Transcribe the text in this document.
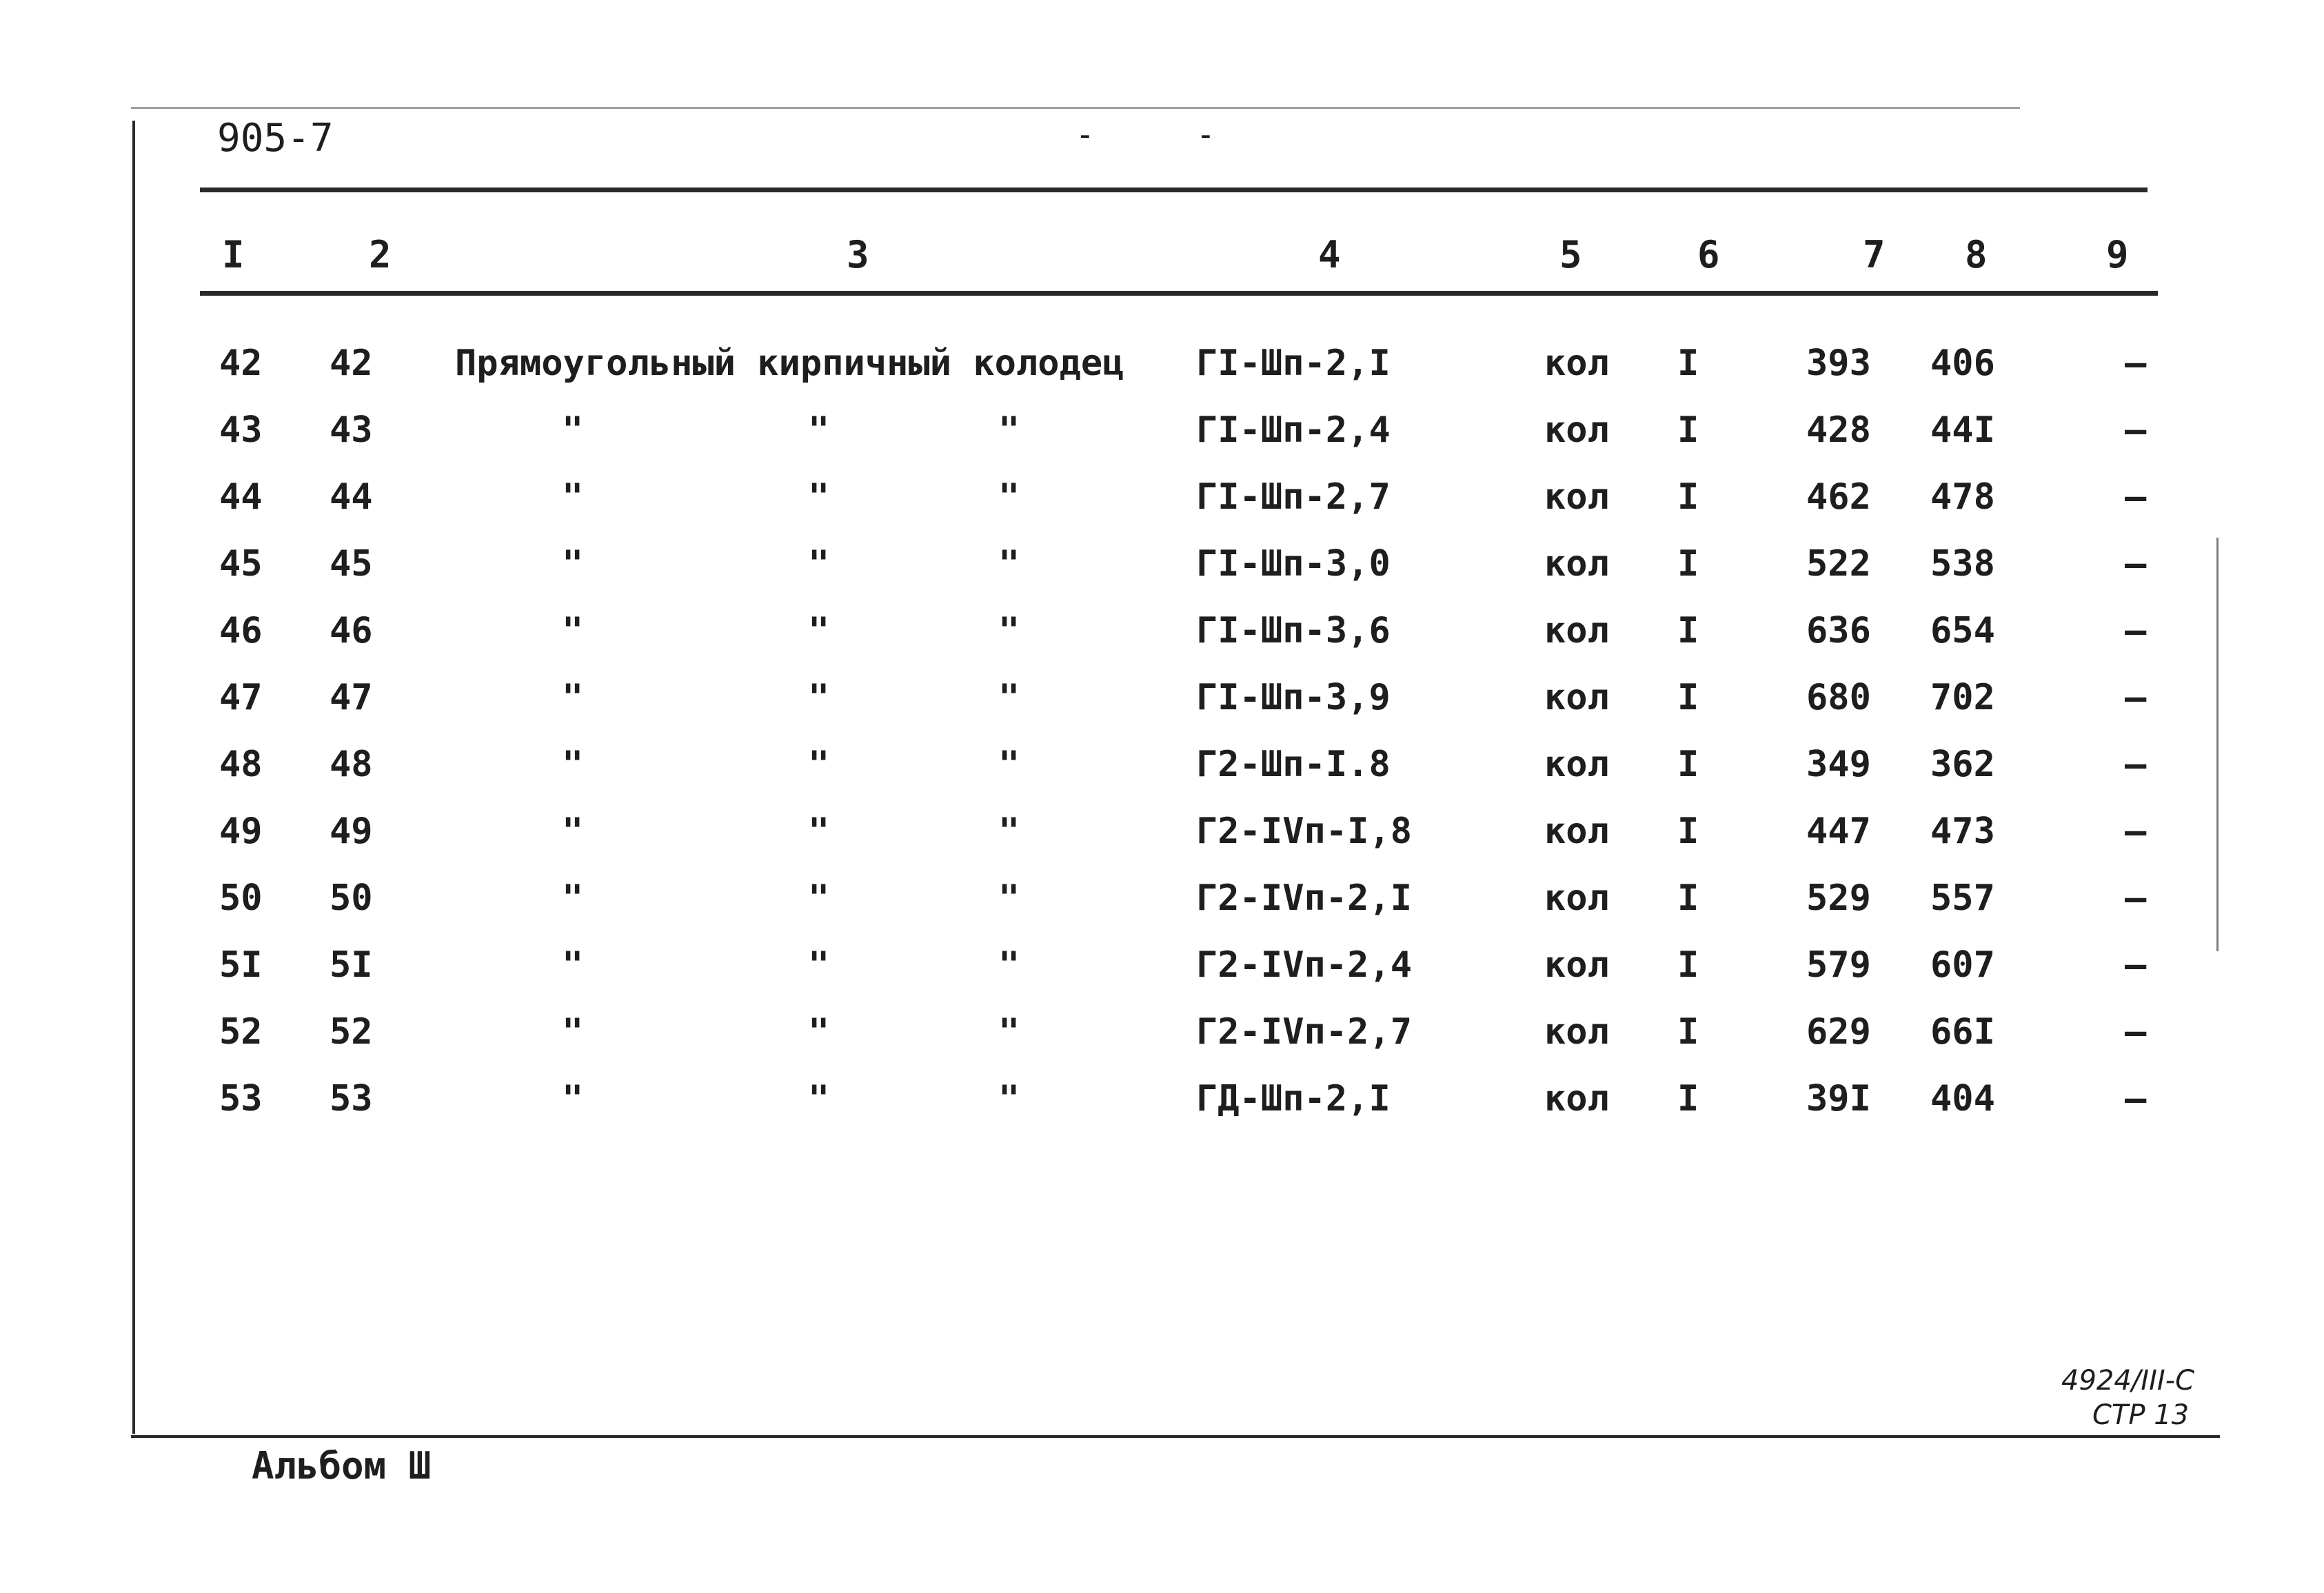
905-7	-	-
I	2	3	4	5	6	7 8	9
42 42 Прямоугольный кирпичный колодец ГI-Шп-2,I	кол I	393 406	–
43 43	"	"	"	ГI-Шп-2,4	кол I	428 44I	–
44 44	"	"	"	ГI-Шп-2,7	кол I	462 478	–
45 45	"	"	"	ГI-Шп-3,0	кол I	522 538	–
46 46	"	"	"	ГI-Шп-3,6	кол I	636 654	–
47 47	"	"	"	ГI-Шп-3,9	кол I	680 702	–
48 48	"	"	"	Г2-Шп-I.8	кол I	349 362	–
49 49	"	"	"	Г2-IVп-I,8	кол I	447 473	–
50 50	"	"	"	Г2-IVп-2,I	кол I	529 557	–
5I 5I	"	"	"	Г2-IVп-2,4	кол I	579 607	–
52 52	"	"	"	Г2-IVп-2,7	кол I	629 66I	–
53 53	"	"	"	ГД-Шп-2,I	кол I	39I 404	–
4924/III-C
СТР 13
Альбом Ш
